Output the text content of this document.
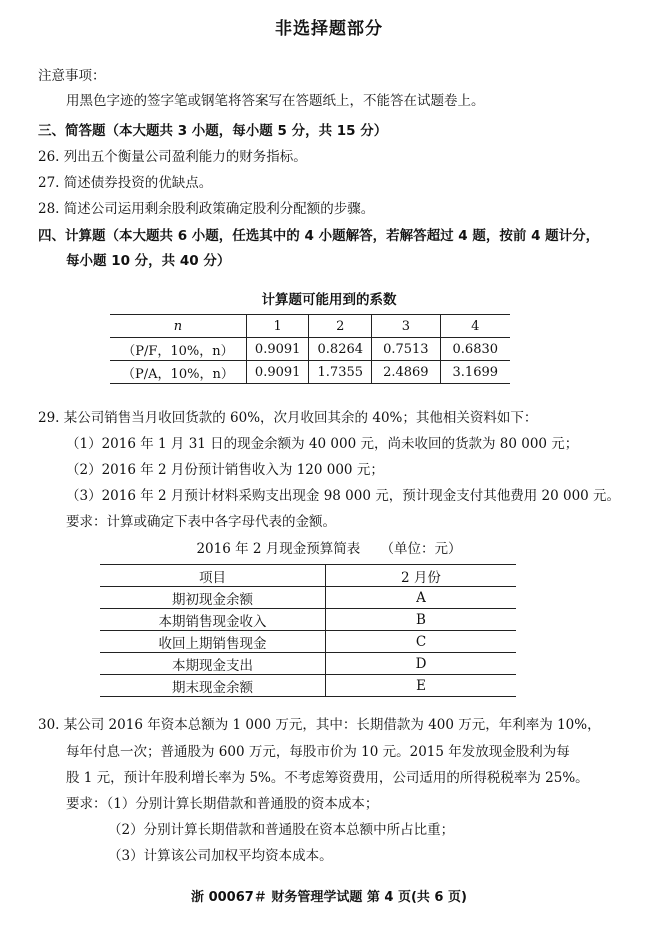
非选择题部分
注意事项：
用黑色字迹的签字笔或钢笔将答案写在答题纸上，不能答在试题卷上。
三、简答题（本大题共 3 小题，每小题 5 分，共 15 分）
26. 列出五个衡量公司盈利能力的财务指标。
27. 简述债券投资的优缺点。
28. 简述公司运用剩余股利政策确定股利分配额的步骤。
四、计算题（本大题共 6 小题，任选其中的 4 小题解答，若解答超过 4 题，按前 4 题计分，
每小题 10 分，共 40 分）
计算题可能用到的系数
n	1	2	3	4
（P/F，10%，n）	0.9091	0.8264	0.7513	0.6830
（P/A，10%，n）	0.9091	1.7355	2.4869	3.1699
29. 某公司销售当月收回货款的 60%，次月收回其余的 40%；其他相关资料如下：
（1）2016 年 1 月 31 日的现金余额为 40 000 元，尚未收回的货款为 80 000 元；
（2）2016 年 2 月份预计销售收入为 120 000 元；
（3）2016 年 2 月预计材料采购支出现金 98 000 元，预计现金支付其他费用 20 000 元。
要求：计算或确定下表中各字母代表的金额。
2016 年 2 月现金预算简表　　（单位：元）
项目	2 月份
期初现金余额	A
本期销售现金收入	B
收回上期销售现金	C
本期现金支出	D
期末现金余额	E
30. 某公司 2016 年资本总额为 1 000 万元，其中：长期借款为 400 万元，年利率为 10%，
每年付息一次；普通股为 600 万元，每股市价为 10 元。2015 年发放现金股利为每
股 1 元，预计年股利增长率为 5%。不考虑筹资费用，公司适用的所得税税率为 25%。
要求：（1）分别计算长期借款和普通股的资本成本；
（2）分别计算长期借款和普通股在资本总额中所占比重；
（3）计算该公司加权平均资本成本。
浙 00067＃ 财务管理学试题 第 4 页(共 6 页)
